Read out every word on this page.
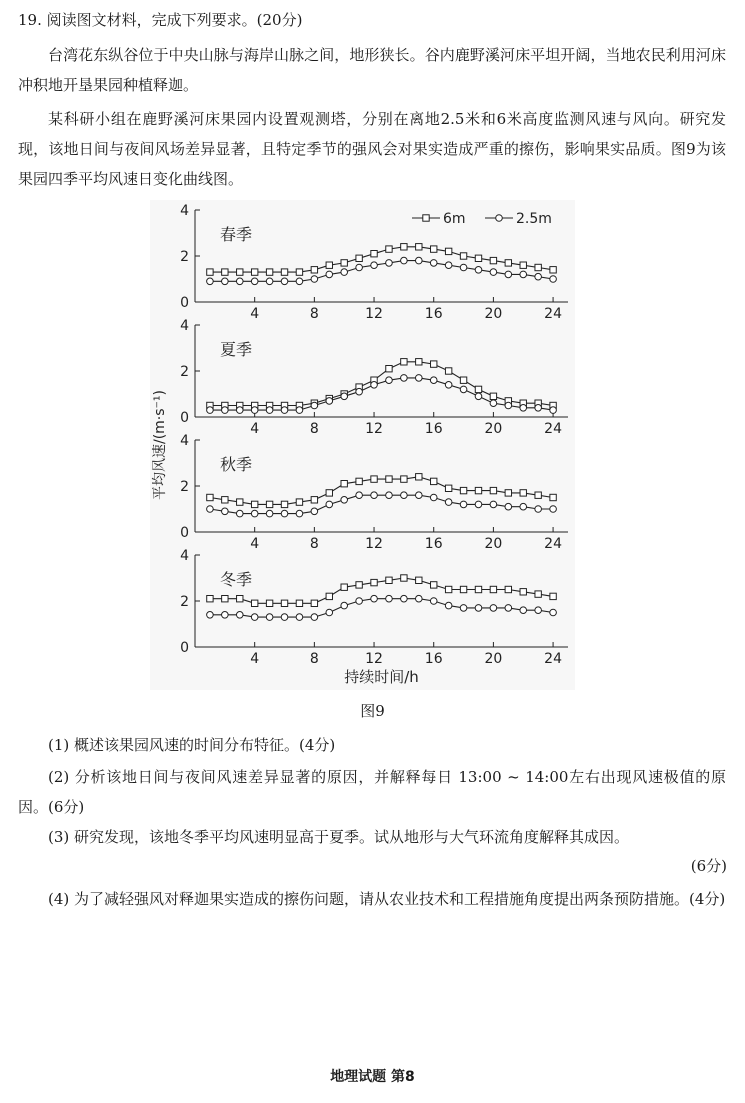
19. 阅读图文材料，完成下列要求。(20分)
台湾花东纵谷位于中央山脉与海岸山脉之间，地形狭长。谷内鹿野溪河床平坦开阔，当地农民利用河床冲积地开垦果园种植释迦。
某科研小组在鹿野溪河床果园内设置观测塔，分别在离地2.5米和6米高度监测风速与风向。研究发现，该地日间与夜间风场差异显著，且特定季节的强风会对果实造成严重的擦伤，影响果实品质。图9为该果园四季平均风速日变化曲线图。
0
2
4
4	8	12	16	20	24
春季
0
2
4
4	8	12	16	20	24
夏季
0
2
4
4	8	12	16	20	24
秋季
0
2
4
4	8	12	16	20	24
冬季
6m	2.5m
平均风速/(m·s⁻¹)
持续时间/h
图9
(1) 概述该果园风速的时间分布特征。(4分)
(2) 分析该地日间与夜间风速差异显著的原因，并解释每日 13:00 ~ 14:00左右出现风速极值的原因。(6分)
(3) 研究发现，该地冬季平均风速明显高于夏季。试从地形与大气环流角度解释其成因。
(6分)
(4) 为了减轻强风对释迦果实造成的擦伤问题，请从农业技术和工程措施角度提出两条预防措施。(4分)
地理试题 第8
